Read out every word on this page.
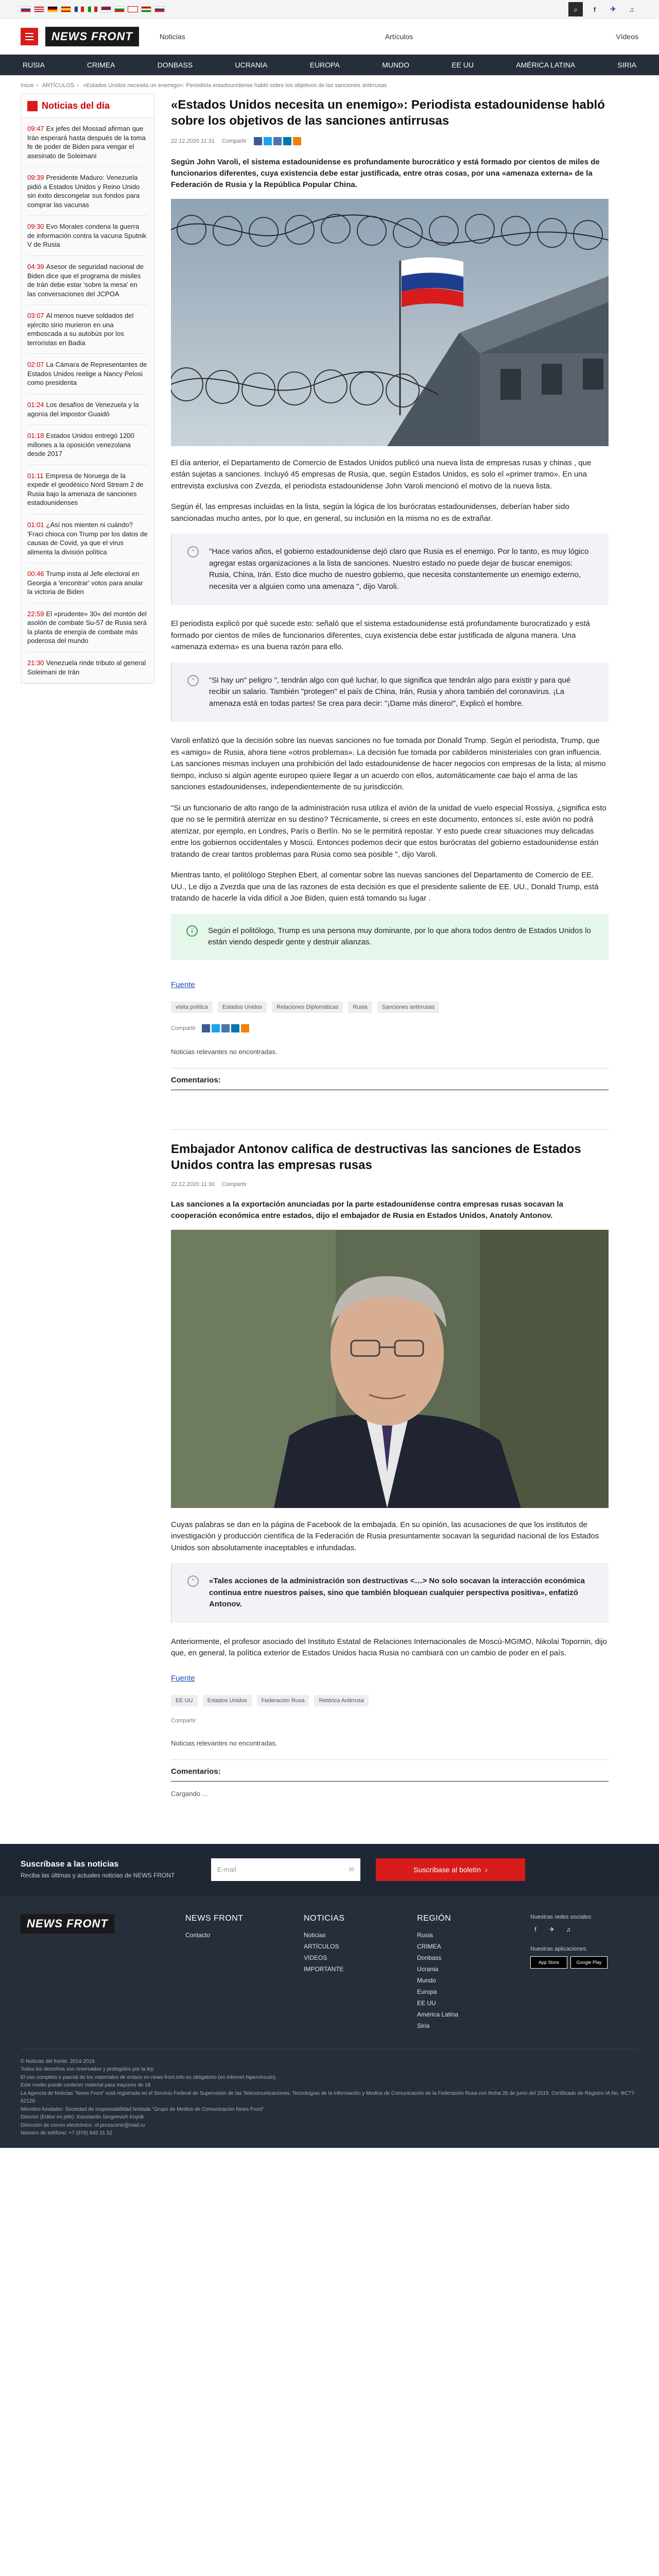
⌕	f	✈	♫
NEWS FRONT	Noticias	Artículos	Vídeos
RUSIA	CRIMEA	DONBASS	UCRANIA	EUROPA	MUNDO	EE UU	AMÉRICA LATINA	SIRIA
Inicio › ARTÍCULOS › «Estados Unidos necesita un enemigo»: Periodista estadounidense habló sobre los objetivos de las sanciones antirrusas
Noticias del día
09:47 Ex jefes del Mossad afirman que Irán esperará hasta después de la toma fe de poder de Biden para vengar el asesinato de Soleimani
09:39 Presidente Maduro: Venezuela pidió a Estados Unidos y Reino Unido sin éxito descongelar sus fondos para comprar las vacunas
09:30 Evo Morales condena la guerra de información contra la vacuna Sputnik V de Rusia
04:39 Asesor de seguridad nacional de Biden dice que el programa de misiles de Irán debe estar 'sobre la mesa' en las conversaciones del JCPOA
03:07 Al menos nueve soldados del ejército sirio murieron en una emboscada a su autobús por los terroristas en Badia
02:07 La Cámara de Representantes de Estados Unidos reelige a Nancy Pelosi como presidenta
01:24 Los desafíos de Venezuela y la agonía del impostor Guaidó
01:18 Estados Unidos entregó 1200 millones a la oposición venezolana desde 2017
01:11 Empresa de Noruega de la expedir el geodésico Nord Stream 2 de Rusia bajo la amenaza de sanciones estadounidenses
01:01 ¿Así nos mienten ni cuándo? 'Fraci chioca con Trump por los datos de causas de Covid, ya que el virus alimenta la división política
00:46 Trump insta al Jefe electoral en Georgia a 'encontrar' votos para anular la victoria de Biden
22:59 El «prudente» 30« del montón del asolón de combate Su-57 de Rusia será la planta de energía de combate más poderosa del mundo
21:30 Venezuela rinde tributo al general Soleimani de Irán
«Estados Unidos necesita un enemigo»: Periodista estadounidense habló sobre los objetivos de las sanciones antirrusas
22.12.2020 11:31 Compartir
Según John Varoli, el sistema estadounidense es profundamente burocrático y está formado por cientos de miles de funcionarios diferentes, cuya existencia debe estar justificada, entre otras cosas, por una «amenaza externa» de la Federación de Rusia y la República Popular China.

El día anterior, el Departamento de Comercio de Estados Unidos publicó una nueva lista de empresas rusas y chinas , que están sujetas a sanciones. Incluyó 45 empresas de Rusia, que, según Estados Unidos, es solo el «primer tramo». En una entrevista exclusiva con Zvezda, el periodista estadounidense John Varoli mencionó el motivo de la nueva lista.

Según él, las empresas incluidas en la lista, según la lógica de los burócratas estadounidenses, deberían haber sido sancionadas mucho antes, por lo que, en general, su inclusión en la misma no es de extrañar.

”	"Hace varios años, el gobierno estadounidense dejó claro que Rusia es el enemigo. Por lo tanto, es muy lógico agregar estas organizaciones a la lista de sanciones. Nuestro estado no puede dejar de buscar enemigos: Rusia, China, Irán. Esto dice mucho de nuestro gobierno, que necesita constantemente un enemigo externo, necesita ver a alguien como una amenaza ", dijo Varoli.

El periodista explicó por qué sucede esto: señaló que el sistema estadounidense está profundamente burocratizado y está formado por cientos de miles de funcionarios diferentes, cuya existencia debe estar justificada de alguna manera. Una «amenaza externa» es una buena razón para ello.

”	"Si hay un" peligro ", tendrán algo con qué luchar, lo que significa que tendrán algo para existir y para qué recibir un salario. También "protegen" el país de China, Irán, Rusia y ahora también del coronavirus. ¡La amenaza está en todas partes! Se crea para decir: "¡Dame más dinero!", Explicó el hombre.

Varoli enfatizó que la decisión sobre las nuevas sanciones no fue tomada por Donald Trump. Según el periodista, Trump, que es «amigo» de Rusia, ahora tiene «otros problemas». La decisión fue tomada por cabilderos ministeriales con gran influencia. Las sanciones mismas incluyen una prohibición del lado estadounidense de hacer negocios con empresas de la lista; al mismo tiempo, incluso si algún agente europeo quiere llegar a un acuerdo con ellos, automáticamente cae bajo el arma de las sanciones estadounidenses, independientemente de su jurisdicción.

"Si un funcionario de alto rango de la administración rusa utiliza el avión de la unidad de vuelo especial Rossiya, ¿significa esto que no se le permitirá aterrizar en su destino? Técnicamente, si crees en este documento, entonces sí, este avión no podrá aterrizar, por ejemplo, en Londres, París o Berlín. No se le permitirá repostar. Y esto puede crear situaciones muy delicadas entre los gobiernos occidentales y Moscú. Entonces podemos decir que estos burócratas del gobierno estadounidense están tratando de crear tantos problemas para Rusia como sea posible ", dijo Varoli.

Mientras tanto, el politólogo Stephen Ebert, al comentar sobre las nuevas sanciones del Departamento de Comercio de EE. UU., Le dijo a Zvezda que una de las razones de esta decisión es que el presidente saliente de EE. UU., Donald Trump, está tratando de hacerle la vida difícil a Joe Biden, quien está tomando su lugar .

i	Según el politólogo, Trump es una persona muy dominante, por lo que ahora todos dentro de Estados Unidos lo están viendo despedir gente y destruir alianzas.
Fuente
visita política	Estados Unidos	Relaciones Diplomáticas	Rusia	Sanciones antirrusas
Compartir
Noticias relevantes no encontradas.
Comentarios:
Embajador Antonov califica de destructivas las sanciones de Estados Unidos contra las empresas rusas
22.12.2020 11:30 Compartir
Las sanciones a la exportación anunciadas por la parte estadounidense contra empresas rusas socavan la cooperación económica entre estados, dijo el embajador de Rusia en Estados Unidos, Anatoly Antonov.

Cuyas palabras se dan en la página de Facebook de la embajada. En su opinión, las acusaciones de que los institutos de investigación y producción científica de la Federación de Rusia presuntamente socavan la seguridad nacional de los Estados Unidos son absolutamente inaceptables e infundadas.

”	«Tales acciones de la administración son destructivas <…> No solo socavan la interacción económica continua entre nuestros países, sino que también bloquean cualquier perspectiva positiva», enfatizó Antonov.

Anteriormente, el profesor asociado del Instituto Estatal de Relaciones Internacionales de Moscú-MGIMO, Nikolai Topornin, dijo que, en general, la política exterior de Estados Unidos hacia Rusia no cambiará con un cambio de poder en el país.

Fuente
EE UU	Estados Unidos	Federación Rusa	Retórica Antirrusa
Compartir
Noticias relevantes no encontradas.
Comentarios:
Cargando ...
Suscríbase a las noticias
Reciba las últimas y actuales noticias de NEWS FRONT
E-mail	✉	Suscríbase al boletín ›
NEWS FRONT	NEWS FRONT
Contacto
NOTICIAS
Noticias
ARTÍCULOS
VIDEOS
IMPORTANTE
REGIÓN
Rusia
CRIMEA
Donbass
Ucrania
Mundo
Europa
EE UU
América Latina
Siria
Nuestras redes sociales:
f	✈	♫
Nuestras aplicaciones:
App Store	Google Play
© Noticias del frente. 2014-2019.
Todos los derechos son reservados y protegidos por la ley.
El uso completo o parcial de los materiales de enlace en news-front.info es obligatorio (en internet-hipervínculo).
Este medio puede contener material para mayores de 18
La Agencia de Noticias "News Front" está registrada en el Servicio Federal de Supervisión de las Telecomunicaciones, Tecnologías de la Información y Medios de Comunicación de la Federación Rusa con fecha 26 de junio del 2015. Certificado de Registro IA No. ФС77-62129
Miembro fundador: Sociedad de responsabilidad limitada "Grupo de Medios de Comunicación News Front"
Director (Editor en jefe): Konstantin Sergeevich Knyrik
Dirección de correo electrónico: nf.presscentr@mail.ru
Número de teléfono: +7 (978) 845 31 52
